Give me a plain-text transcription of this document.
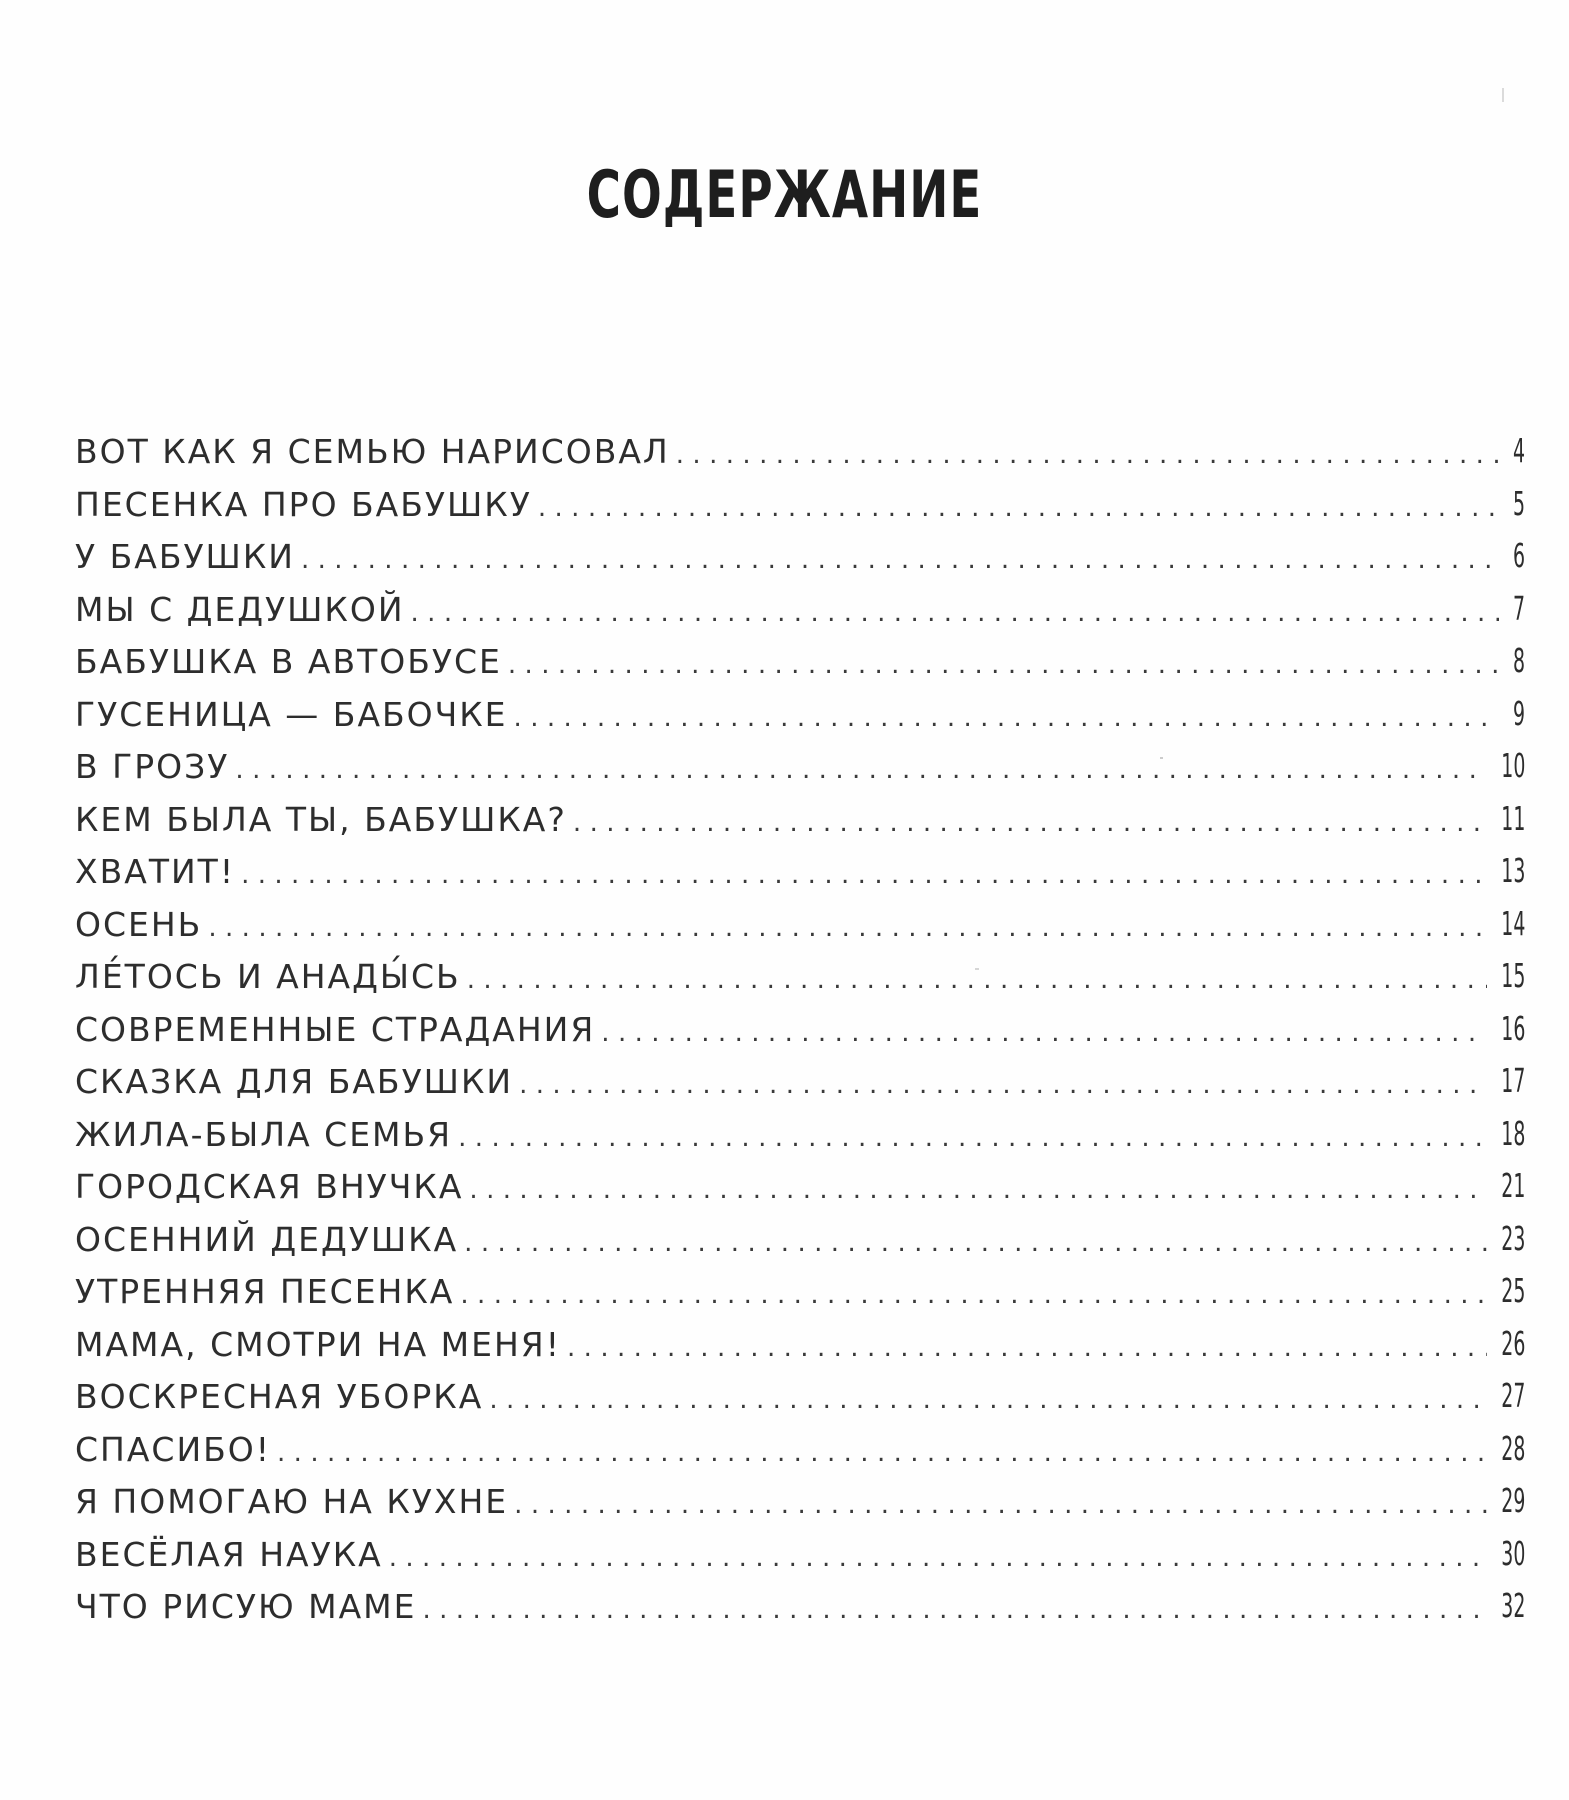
СОДЕРЖАНИЕ
ВОТ КАК Я СЕМЬЮ НАРИСОВАЛ .....	4
ПЕСЕНКА ПРО БАБУШКУ .....	5
У БАБУШКИ .....	6
МЫ С ДЕДУШКОЙ .....	7
БАБУШКА В АВТОБУСЕ .....	8
ГУСЕНИЦА — БАБОЧКЕ .....	9
В ГРОЗУ .....	10
КЕМ БЫЛА ТЫ, БАБУШКА? .....	11
ХВАТИТ! .....	13
ОСЕНЬ .....	14
ЛЕ́ТОСЬ И АНАДЫ́СЬ .....	15
СОВРЕМЕННЫЕ СТРАДАНИЯ .....	16
СКАЗКА ДЛЯ БАБУШКИ .....	17
ЖИЛА-БЫЛА СЕМЬЯ .....	18
ГОРОДСКАЯ ВНУЧКА .....	21
ОСЕННИЙ ДЕДУШКА .....	23
УТРЕННЯЯ ПЕСЕНКА .....	25
МАМА, СМОТРИ НА МЕНЯ! .....	26
ВОСКРЕСНАЯ УБОРКА .....	27
СПАСИБО! .....	28
Я ПОМОГАЮ НА КУХНЕ .....	29
ВЕСЁЛАЯ НАУКА .....	30
ЧТО РИСУЮ МАМЕ .....	32
